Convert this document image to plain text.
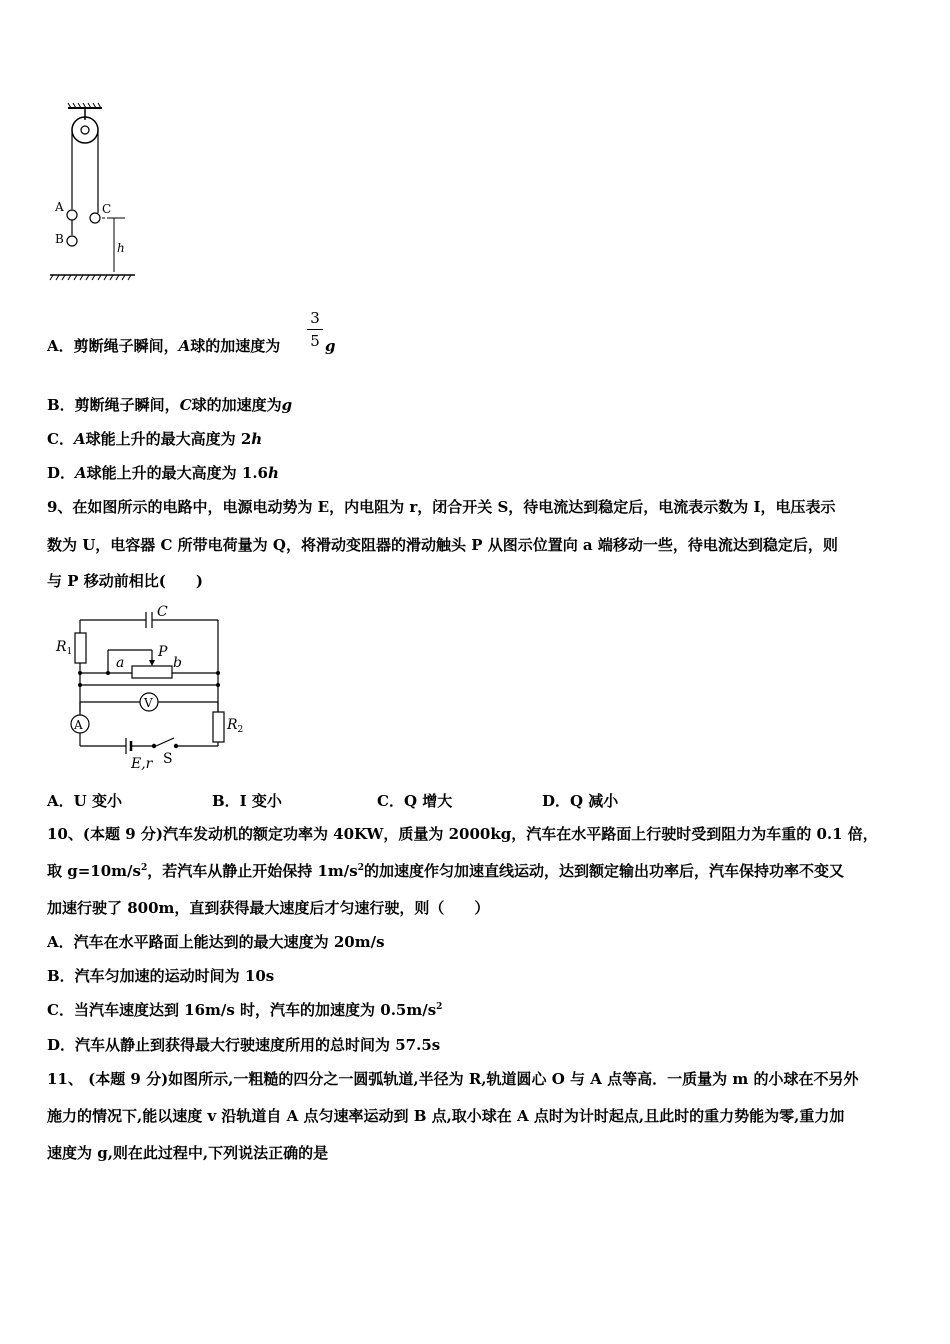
A
B
C
h
A．剪断绳子瞬间，A球的加速度为
3
5 g
B．剪断绳子瞬间，C球的加速度为g
C．A球能上升的最大高度为 2h
D．A球能上升的最大高度为 1.6h
9、在如图所示的电路中，电源电动势为 E，内电阻为 r，闭合开关 S，待电流达到稳定后，电流表示数为 I，电压表示
数为 U，电容器 C 所带电荷量为 Q，将滑动变阻器的滑动触头 P 从图示位置向 a 端移动一些，待电流达到稳定后，则
与 P 移动前相比(　　)
C
$R_1$
a
P
b
V
A	$R_2$
E,r S
A．U 变小	B．I 变小	C．Q 增大	D．Q 减小
10、(本题 9 分)汽车发动机的额定功率为 40KW，质量为 2000kg，汽车在水平路面上行驶时受到阻力为车重的 0.1 倍，
取 $g=10m/s^2$，若汽车从静止开始保持 $1m/s^2$的加速度作匀加速直线运动，达到额定输出功率后，汽车保持功率不变又
加速行驶了 800m，直到获得最大速度后才匀速行驶，则（　　）
A．汽车在水平路面上能达到的最大速度为 20m/s
B．汽车匀加速的运动时间为 10s
C．当汽车速度达到 16m/s 时，汽车的加速度为 $0.5m/s^2$
D．汽车从静止到获得最大行驶速度所用的总时间为 57.5s
11、 (本题 9 分)如图所示,一粗糙的四分之一圆弧轨道,半径为 R,轨道圆心 O 与 A 点等高．一质量为 m 的小球在不另外
施力的情况下,能以速度 v 沿轨道自 A 点匀速率运动到 B 点,取小球在 A 点时为计时起点,且此时的重力势能为零,重力加
速度为 g,则在此过程中,下列说法正确的是
